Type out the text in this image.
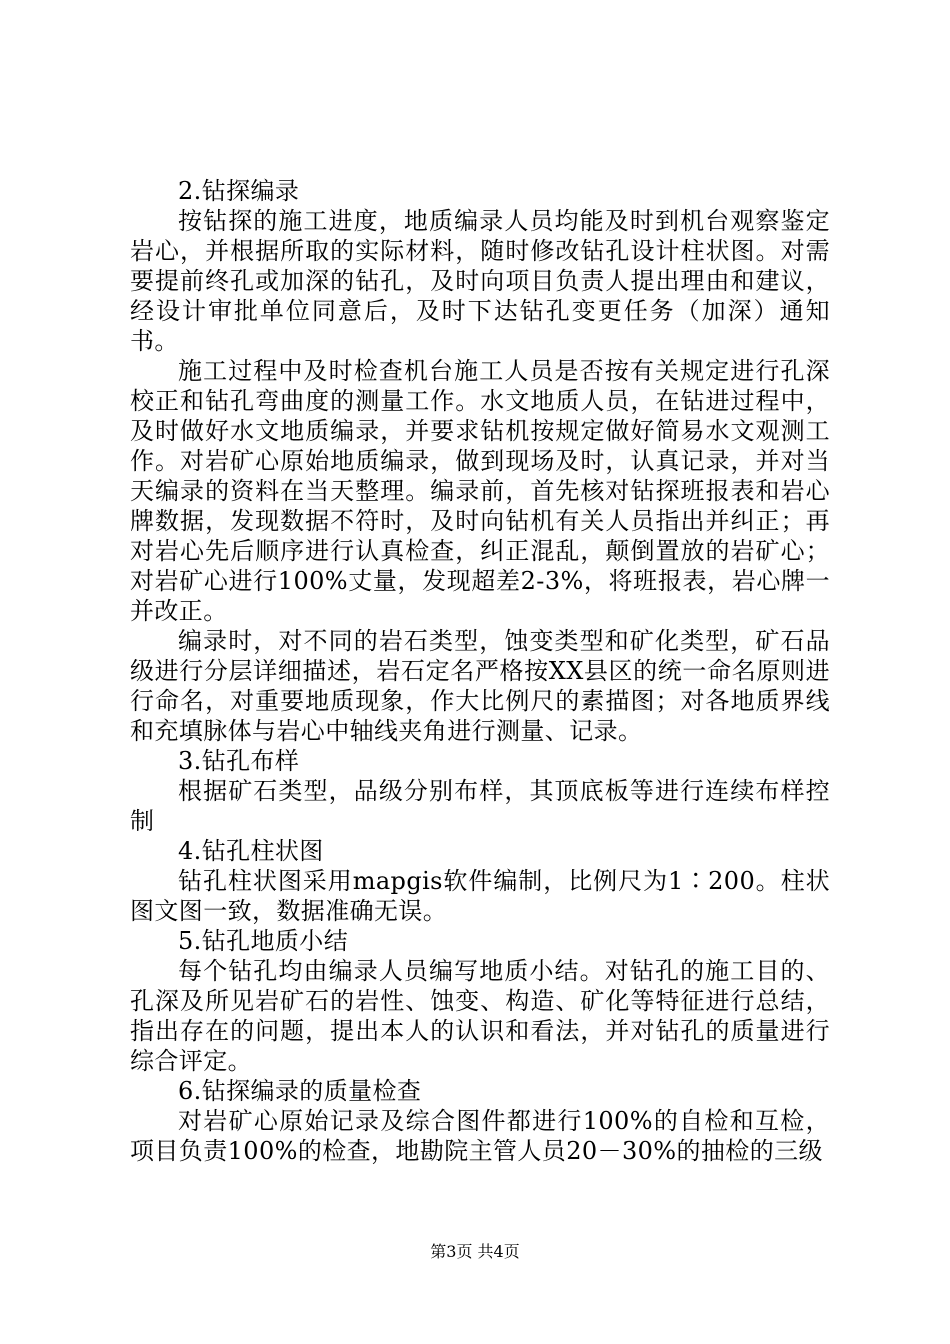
2.钻探编录

按钻探的施工进度，地质编录人员均能及时到机台观察鉴定岩心，并根据所取的实际材料，随时修改钻孔设计柱状图。对需要提前终孔或加深的钻孔，及时向项目负责人提出理由和建议，经设计审批单位同意后，及时下达钻孔变更任务（加深）通知书。

施工过程中及时检查机台施工人员是否按有关规定进行孔深校正和钻孔弯曲度的测量工作。水文地质人员，在钻进过程中，及时做好水文地质编录，并要求钻机按规定做好简易水文观测工作。对岩矿心原始地质编录，做到现场及时，认真记录，并对当天编录的资料在当天整理。编录前，首先核对钻探班报表和岩心牌数据，发现数据不符时，及时向钻机有关人员指出并纠正；再对岩心先后顺序进行认真检查，纠正混乱，颠倒置放的岩矿心；对岩矿心进行100%丈量，发现超差2-3%，将班报表，岩心牌一并改正。

编录时，对不同的岩石类型，蚀变类型和矿化类型，矿石品级进行分层详细描述，岩石定名严格按XX县区的统一命名原则进行命名，对重要地质现象，作大比例尺的素描图；对各地质界线和充填脉体与岩心中轴线夹角进行测量、记录。

3.钻孔布样

根据矿石类型，品级分别布样，其顶底板等进行连续布样控制

4.钻孔柱状图

钻孔柱状图采用mapgis软件编制，比例尺为1∶200。柱状图文图一致，数据准确无误。

5.钻孔地质小结

每个钻孔均由编录人员编写地质小结。对钻孔的施工目的、孔深及所见岩矿石的岩性、蚀变、构造、矿化等特征进行总结，指出存在的问题，提出本人的认识和看法，并对钻孔的质量进行综合评定。

6.钻探编录的质量检查

对岩矿心原始记录及综合图件都进行100%的自检和互检，项目负责100%的检查，地勘院主管人员20－30%的抽检的三级

第3页 共4页
